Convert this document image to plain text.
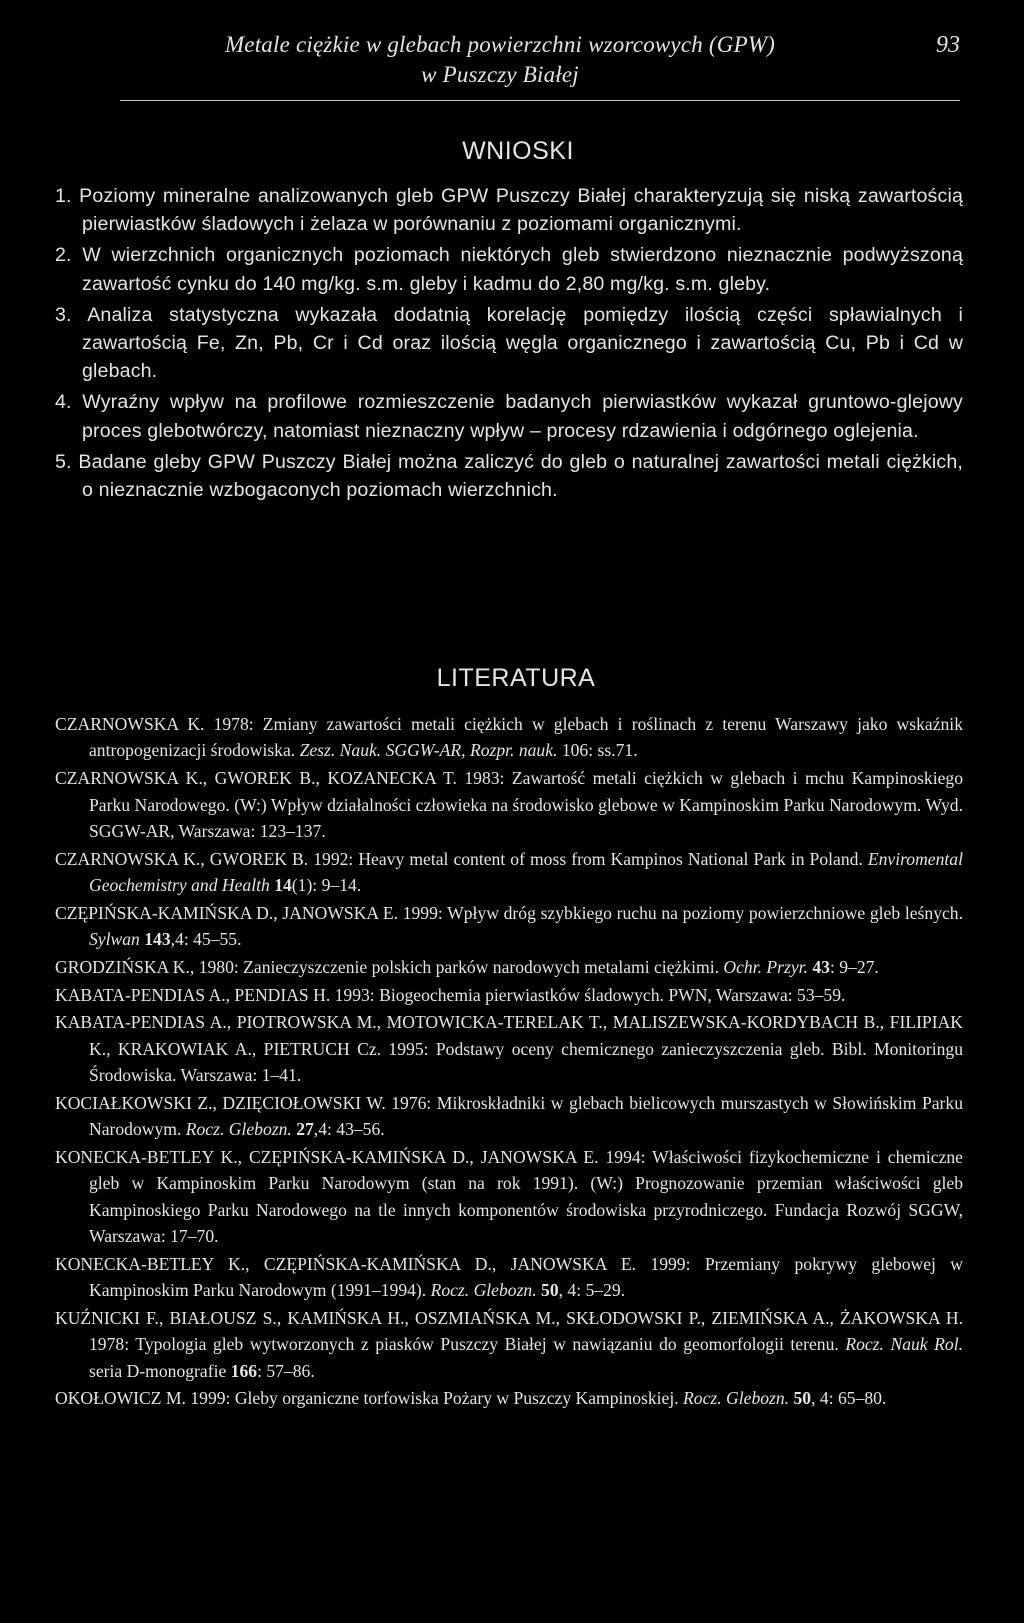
Metale ciężkie w glebach powierzchni wzorcowych (GPW)
w Puszczy Białej
93
WNIOSKI

1. Poziomy mineralne analizowanych gleb GPW Puszczy Białej charakteryzują się niską zawartością pierwiastków śladowych i żelaza w porównaniu z poziomami organicznymi.

2. W wierzchnich organicznych poziomach niektórych gleb stwierdzono nieznacznie podwyższoną zawartość cynku do 140 mg/kg. s.m. gleby i kadmu do 2,80 mg/kg. s.m. gleby.

3. Analiza statystyczna wykazała dodatnią korelację pomiędzy ilością części spławialnych i zawartością Fe, Zn, Pb, Cr i Cd oraz ilością węgla organicznego i zawartością Cu, Pb i Cd w glebach.

4. Wyraźny wpływ na profilowe rozmieszczenie badanych pierwiastków wykazał gruntowo-glejowy proces glebotwórczy, natomiast nieznaczny wpływ – procesy rdzawienia i odgórnego oglejenia.

5. Badane gleby GPW Puszczy Białej można zaliczyć do gleb o naturalnej zawartości metali ciężkich, o nieznacznie wzbogaconych poziomach wierzchnich.

LITERATURA
CZARNOWSKA K. 1978: Zmiany zawartości metali ciężkich w glebach i roślinach z terenu Warszawy jako wskaźnik antropogenizacji środowiska. Zesz. Nauk. SGGW-AR, Rozpr. nauk. 106: ss.71.
CZARNOWSKA K., GWOREK B., KOZANECKA T. 1983: Zawartość metali ciężkich w glebach i mchu Kampinoskiego Parku Narodowego. (W:) Wpływ działalności człowieka na środowisko glebowe w Kampinoskim Parku Narodowym. Wyd. SGGW-AR, Warszawa: 123–137.
CZARNOWSKA K., GWOREK B. 1992: Heavy metal content of moss from Kampinos National Park in Poland. Enviromental Geochemistry and Health 14(1): 9–14.
CZĘPIŃSKA-KAMIŃSKA D., JANOWSKA E. 1999: Wpływ dróg szybkiego ruchu na poziomy powierzchniowe gleb leśnych. Sylwan 143,4: 45–55.
GRODZIŃSKA K., 1980: Zanieczyszczenie polskich parków narodowych metalami ciężkimi. Ochr. Przyr. 43: 9–27.
KABATA-PENDIAS A., PENDIAS H. 1993: Biogeochemia pierwiastków śladowych. PWN, Warszawa: 53–59.
KABATA-PENDIAS A., PIOTROWSKA M., MOTOWICKA-TERELAK T., MALISZEWSKA-KORDYBACH B., FILIPIAK K., KRAKOWIAK A., PIETRUCH Cz. 1995: Podstawy oceny chemicznego zanieczyszczenia gleb. Bibl. Monitoringu Środowiska. Warszawa: 1–41.
KOCIAŁKOWSKI Z., DZIĘCIOŁOWSKI W. 1976: Mikroskładniki w glebach bielicowych murszastych w Słowińskim Parku Narodowym. Rocz. Glebozn. 27,4: 43–56.
KONECKA-BETLEY K., CZĘPIŃSKA-KAMIŃSKA D., JANOWSKA E. 1994: Właściwości fizykochemiczne i chemiczne gleb w Kampinoskim Parku Narodowym (stan na rok 1991). (W:) Prognozowanie przemian właściwości gleb Kampinoskiego Parku Narodowego na tle innych komponentów środowiska przyrodniczego. Fundacja Rozwój SGGW, Warszawa: 17–70.
KONECKA-BETLEY K., CZĘPIŃSKA-KAMIŃSKA D., JANOWSKA E. 1999: Przemiany pokrywy glebowej w Kampinoskim Parku Narodowym (1991–1994). Rocz. Glebozn. 50, 4: 5–29.
KUŹNICKI F., BIAŁOUSZ S., KAMIŃSKA H., OSZMIAŃSKA M., SKŁODOWSKI P., ZIEMIŃSKA A., ŻAKOWSKA H. 1978: Typologia gleb wytworzonych z piasków Puszczy Białej w nawiązaniu do geomorfologii terenu. Rocz. Nauk Rol. seria D-monografie 166: 57–86.
OKOŁOWICZ M. 1999: Gleby organiczne torfowiska Pożary w Puszczy Kampinoskiej. Rocz. Glebozn. 50, 4: 65–80.
